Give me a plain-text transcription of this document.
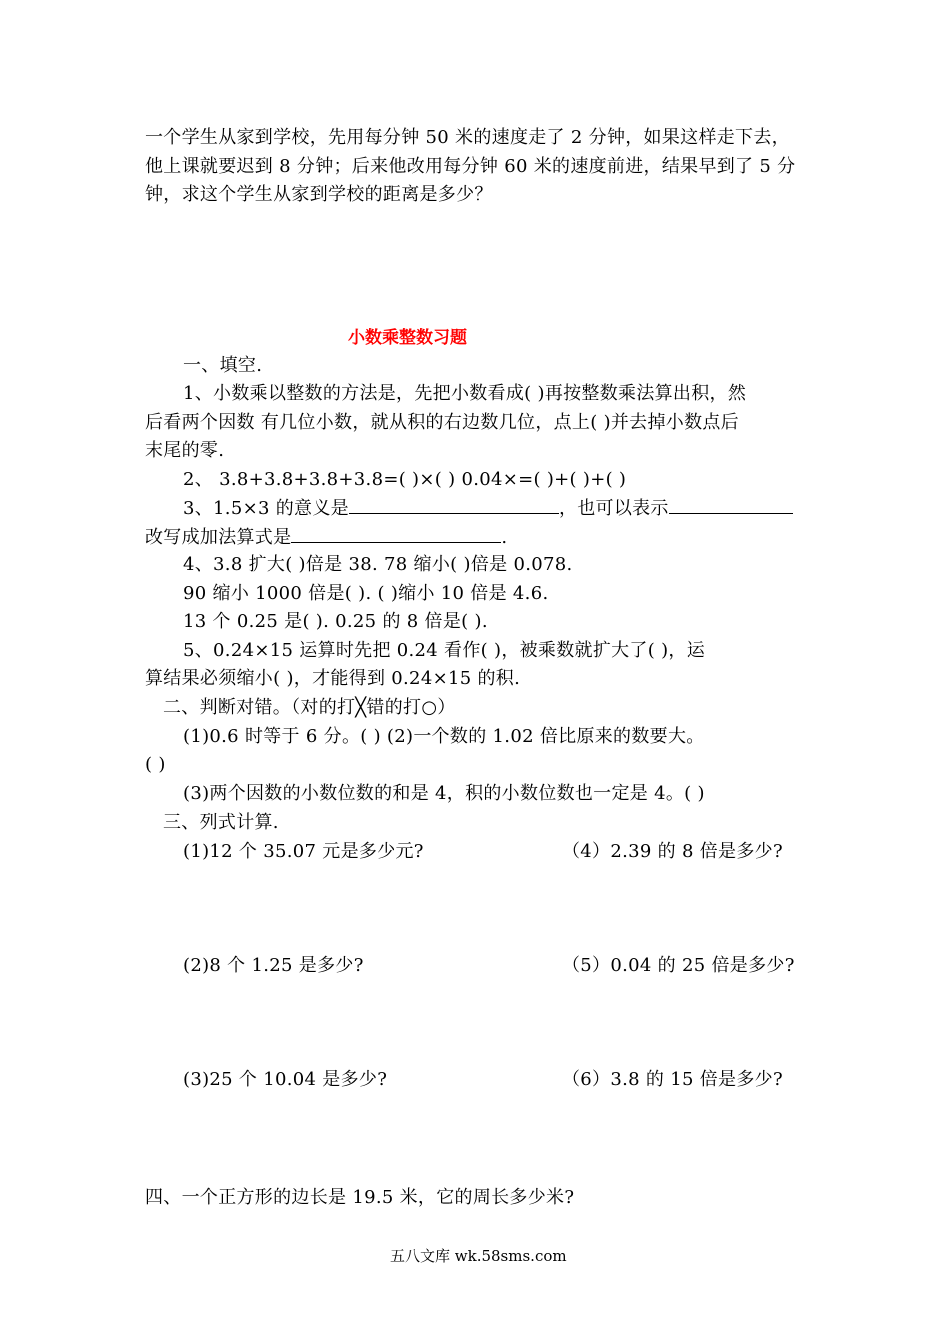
一个学生从家到学校，先用每分钟 50 米的速度走了 2 分钟，如果这样走下去，
他上课就要迟到 8 分钟；后来他改用每分钟 60 米的速度前进，结果早到了 5 分
钟，求这个学生从家到学校的距离是多少？
小数乘整数习题
一、填空.
1、小数乘以整数的方法是，先把小数看成( )再按整数乘法算出积，然
后看两个因数 有几位小数，就从积的右边数几位，点上( )并去掉小数点后
末尾的零.
2、 3.8+3.8+3.8+3.8=( )×( ) 0.04×=( )+( )+( )
3、1.5×3 的意义是	，也可以表示
改写成加法算式是	.
4、3.8 扩大( )倍是 38. 78 缩小( )倍是 0.078.
90 缩小 1000 倍是( ). ( )缩小 10 倍是 4.6.
13 个 0.25 是( ). 0.25 的 8 倍是( ).
5、0.24×15 运算时先把 0.24 看作( )，被乘数就扩大了( )，运
算结果必须缩小( )，才能得到 0.24×15 的积.
二、判断对错。（对的打╳错的打○）
(1)0.6 时等于 6 分。( ) (2)一个数的 1.02 倍比原来的数要大。
( )
(3)两个因数的小数位数的和是 4，积的小数位数也一定是 4。( )
三、列式计算.
(1)12 个 35.07 元是多少元?	（4）2.39 的 8 倍是多少?
(2)8 个 1.25 是多少?	（5）0.04 的 25 倍是多少?
(3)25 个 10.04 是多少?	（6）3.8 的 15 倍是多少?
四、一个正方形的边长是 19.5 米，它的周长多少米?
五八文库 wk.58sms.com
